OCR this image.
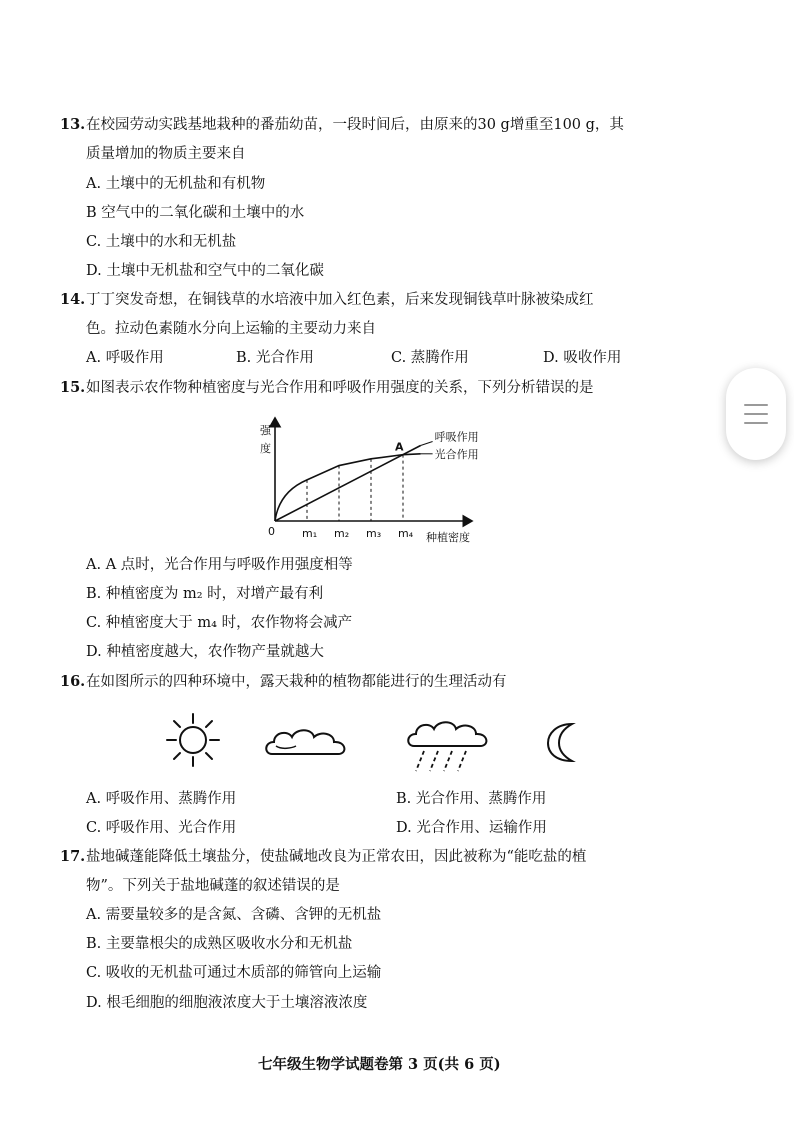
13. 在校园劳动实践基地栽种的番茄幼苗，一段时间后，由原来的30 g增重至100 g，其
质量增加的物质主要来自
A. 土壤中的无机盐和有机物
B 空气中的二氧化碳和土壤中的水
C. 土壤中的水和无机盐
D. 土壤中无机盐和空气中的二氧化碳
14. 丁丁突发奇想，在铜钱草的水培液中加入红色素，后来发现铜钱草叶脉被染成红
色。拉动色素随水分向上运输的主要动力来自
A. 呼吸作用	B. 光合作用	C. 蒸腾作用	D. 吸收作用
15. 如图表示农作物种植密度与光合作用和呼吸作用强度的关系，下列分析错误的是
m₁ m₂ m₃ m₄
呼吸作用
光合作用
A
强
度
种植密度
0
A. A 点时，光合作用与呼吸作用强度相等
B. 种植密度为 m₂ 时，对增产最有利
C. 种植密度大于 m₄ 时，农作物将会减产
D. 种植密度越大，农作物产量就越大
16. 在如图所示的四种环境中，露天栽种的植物都能进行的生理活动有
A. 呼吸作用、蒸腾作用	B. 光合作用、蒸腾作用
C. 呼吸作用、光合作用	D. 光合作用、运输作用
17. 盐地碱蓬能降低土壤盐分，使盐碱地改良为正常农田，因此被称为“能吃盐的植
物”。下列关于盐地碱蓬的叙述错误的是
A. 需要量较多的是含氮、含磷、含钾的无机盐
B. 主要靠根尖的成熟区吸收水分和无机盐
C. 吸收的无机盐可通过木质部的筛管向上运输
D. 根毛细胞的细胞液浓度大于土壤溶液浓度
七年级生物学试题卷第 3 页(共 6 页)
